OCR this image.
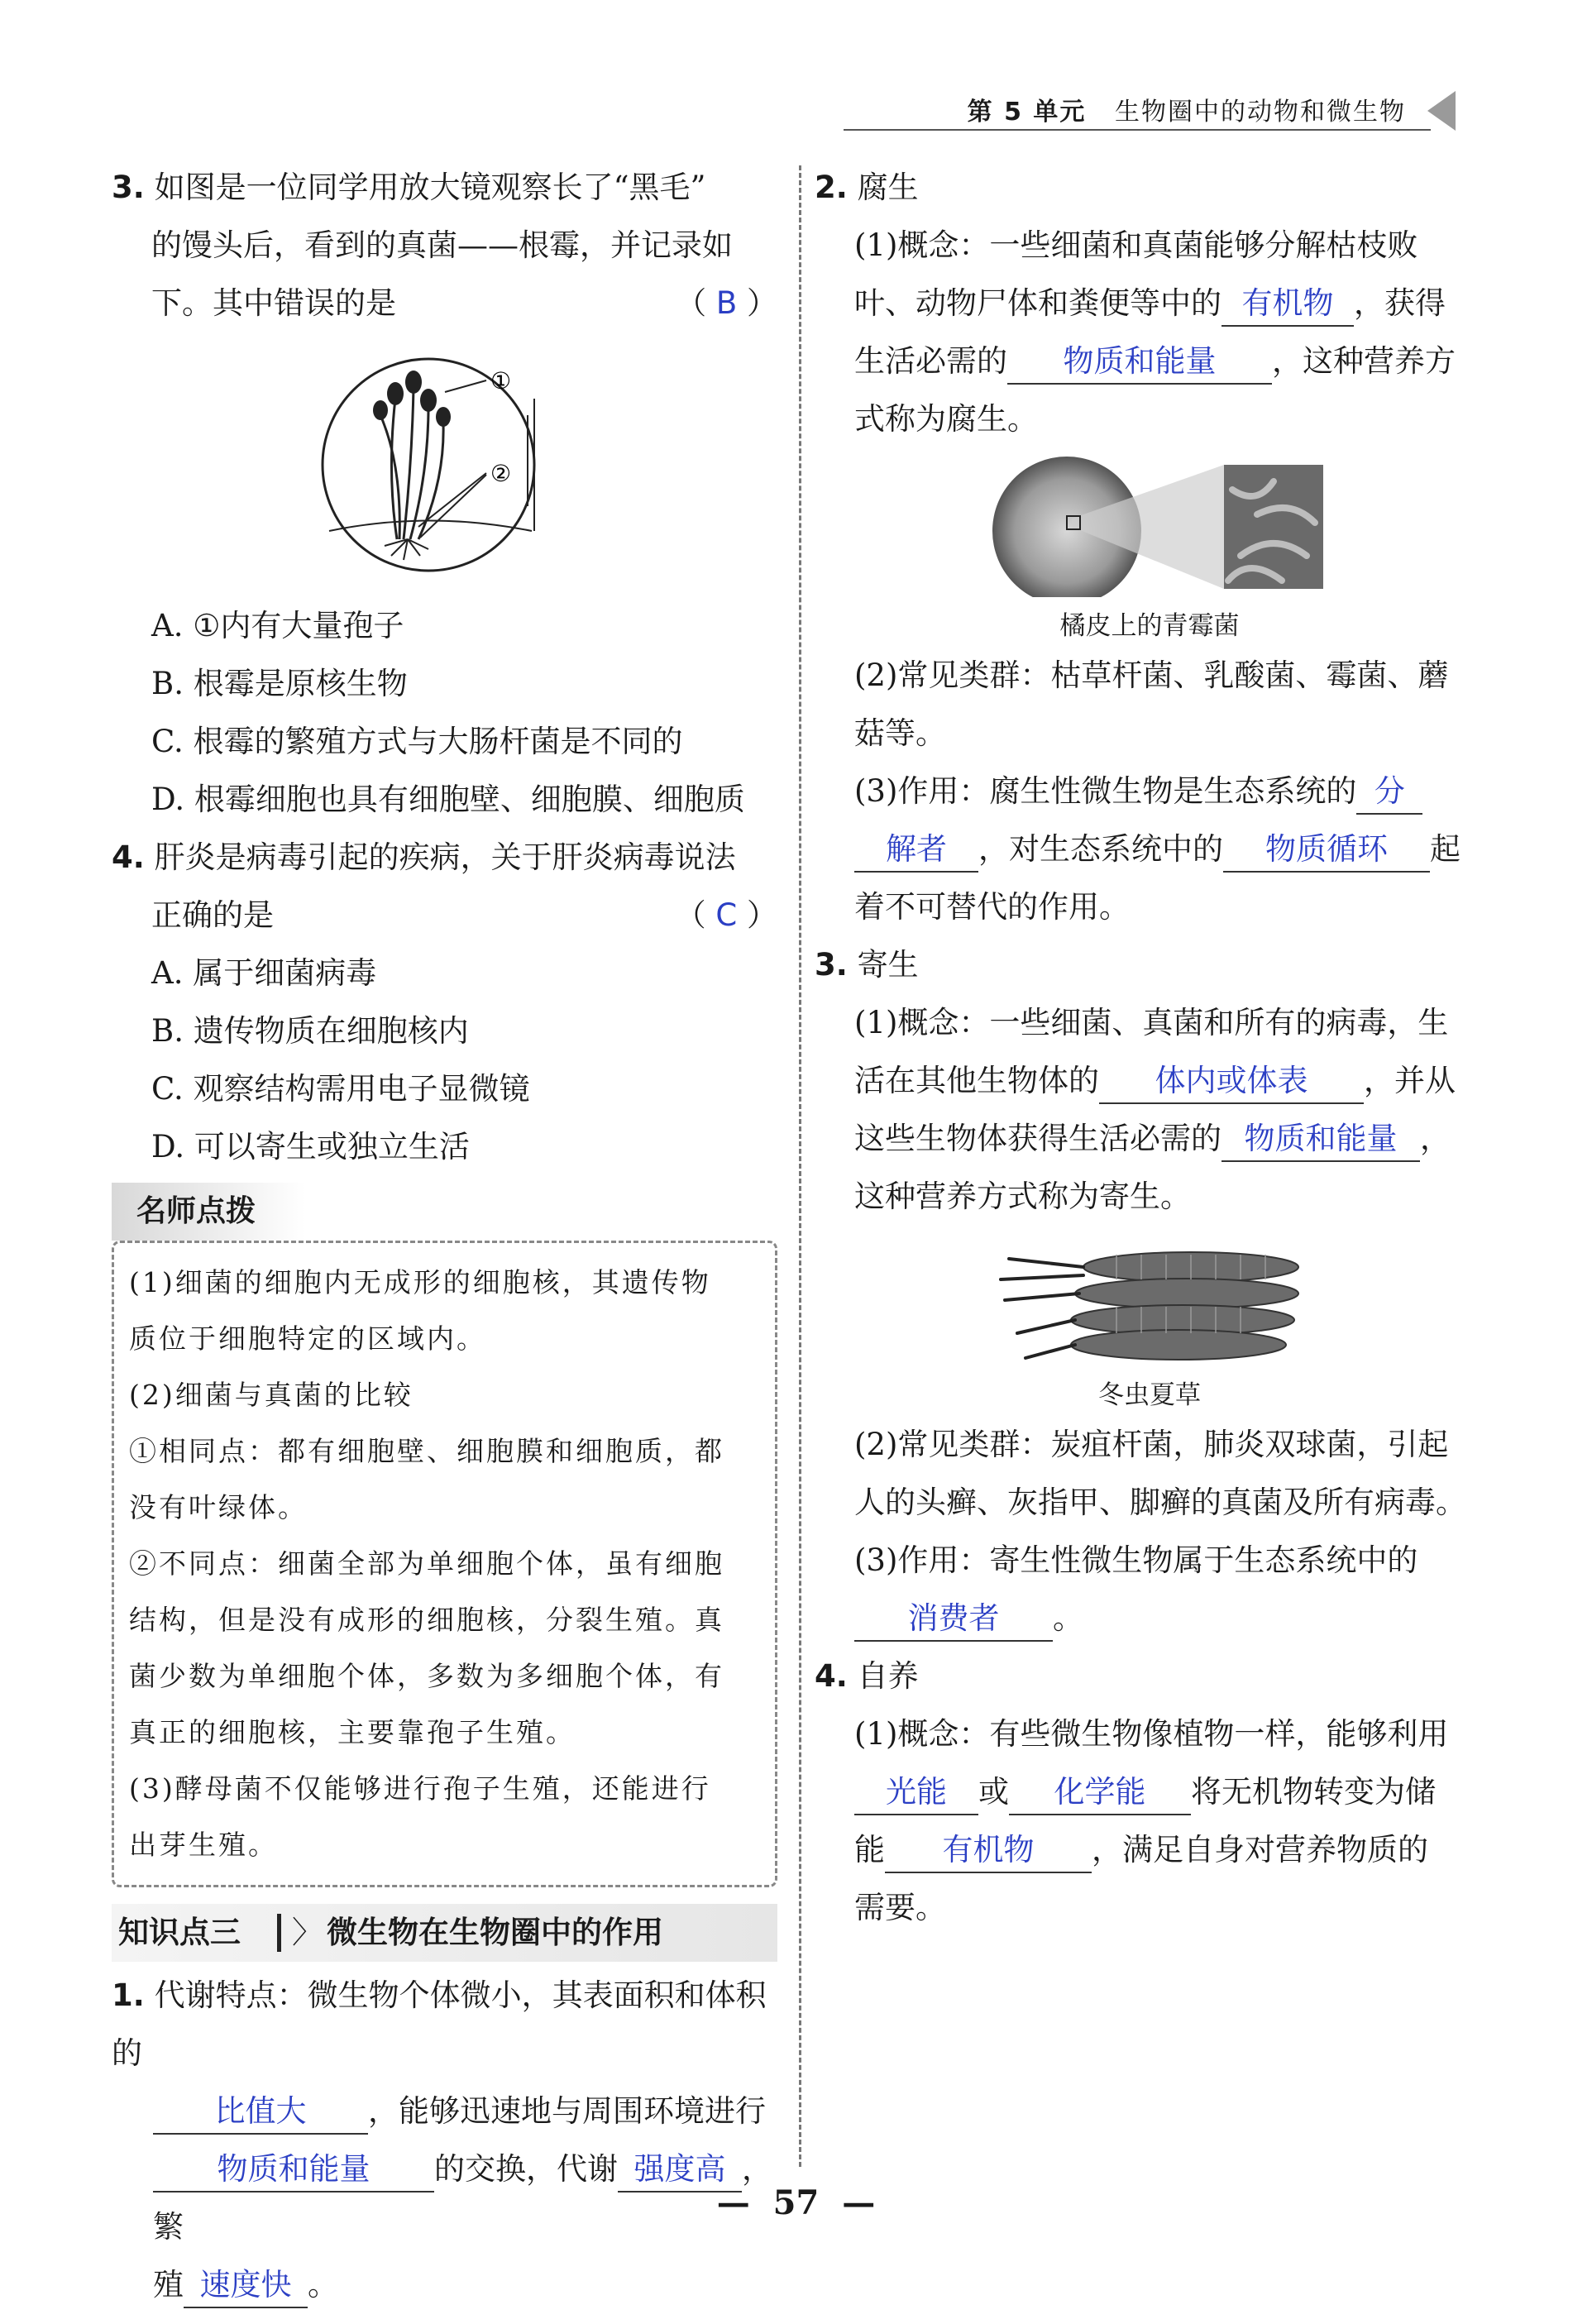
第 5 单元 生物圈中的动物和微生物

3. 如图是一位同学用放大镜观察长了“黑毛”

的馒头后，看到的真菌——根霉，并记录如

下。其中错误的是	（ B ）

①
②

A. ①内有大量孢子

B. 根霉是原核生物

C. 根霉的繁殖方式与大肠杆菌是不同的

D. 根霉细胞也具有细胞壁、细胞膜、细胞质

4. 肝炎是病毒引起的疾病，关于肝炎病毒说法

正确的是	（ C ）

A. 属于细菌病毒

B. 遗传物质在细胞核内

C. 观察结构需用电子显微镜

D. 可以寄生或独立生活

名师点拨

(1)细菌的细胞内无成形的细胞核，其遗传物

质位于细胞特定的区域内。

(2)细菌与真菌的比较

①相同点：都有细胞壁、细胞膜和细胞质，都

没有叶绿体。

②不同点：细菌全部为单细胞个体，虽有细胞

结构，但是没有成形的细胞核，分裂生殖。真

菌少数为单细胞个体，多数为多细胞个体，有

真正的细胞核，主要靠孢子生殖。

(3)酵母菌不仅能够进行孢子生殖，还能进行

出芽生殖。

知识点三 〉 微生物在生物圈中的作用

1. 代谢特点：微生物个体微小，其表面积和体积的

比值大 ，能够迅速地与周围环境进行

物质和能量 的交换，代谢 强度高 ，繁

殖 速度快 。

2. 腐生

(1)概念：一些细菌和真菌能够分解枯枝败

叶、动物尸体和粪便等中的 有机物 ，获得

生活必需的 物质和能量 ，这种营养方

式称为腐生。

橘皮上的青霉菌

(2)常见类群：枯草杆菌、乳酸菌、霉菌、蘑

菇等。

(3)作用：腐生性微生物是生态系统的 分

解者 ，对生态系统中的 物质循环 起

着不可替代的作用。

3. 寄生

(1)概念：一些细菌、真菌和所有的病毒，生

活在其他生物体的 体内或体表 ，并从

这些生物体获得生活必需的 物质和能量 ，

这种营养方式称为寄生。

冬虫夏草

(2)常见类群：炭疽杆菌，肺炎双球菌，引起

人的头癣、灰指甲、脚癣的真菌及所有病毒。

(3)作用：寄生性微生物属于生态系统中的

消费者 。

4. 自养

(1)概念：有些微生物像植物一样，能够利用

光能 或 化学能 将无机物转变为储

能 有机物 ，满足自身对营养物质的

需要。

— 57 —
